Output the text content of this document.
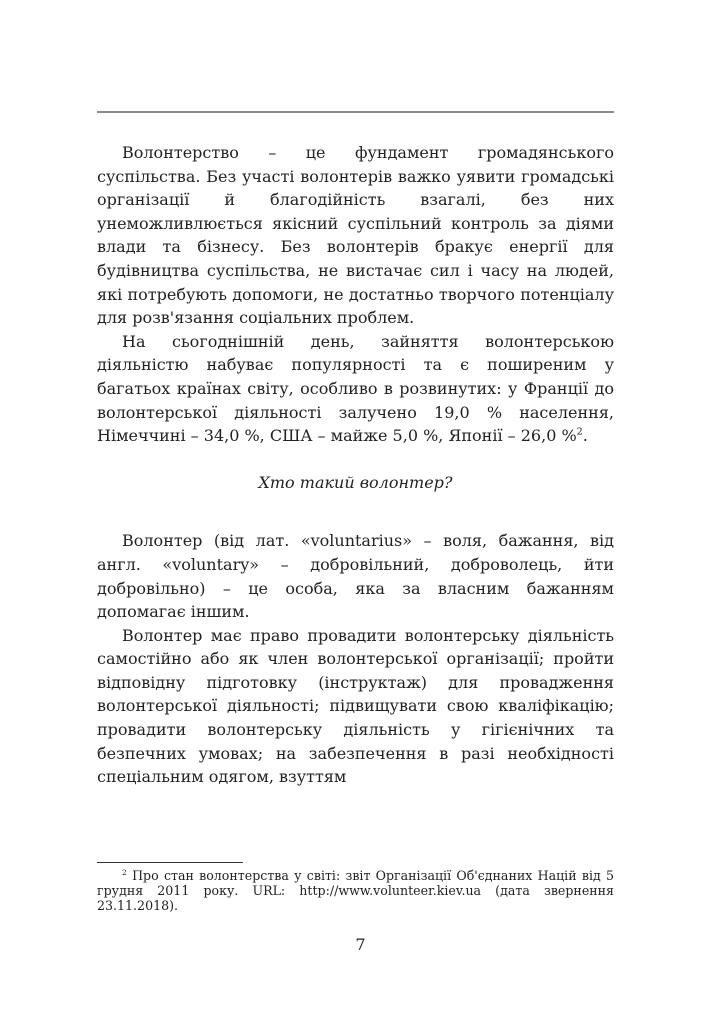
Волонтерство – це фундамент громадянського суспільства. Без участі волонтерів важко уявити громадські організації й благодійність взагалі, без них унеможливлюється якісний суспільний контроль за діями влади та бізнесу. Без волонтерів бракує енергії для будівництва суспільства, не вистачає сил і часу на людей, які потребують допомоги, не достатньо творчого потенціалу для розв'язання соціальних проблем.

На сьогоднішній день, зайняття волонтерською діяльністю набуває популярності та є поширеним у багатьох країнах світу, особливо в розвинутих: у Франції до волонтерської діяльності залучено 19,0 % населення, Німеччині – 34,0 %, США – майже 5,0 %, Японії – 26,0 %$^2$.

Хто такий волонтер?

Волонтер (від лат. «voluntarius» – воля, бажання, від англ. «voluntary» – добровільний, доброволець, йти добровільно) – це особа, яка за власним бажанням допомагає іншим.

Волонтер має право провадити волонтерську діяльність самостійно або як член волонтерської організації; пройти відповідну підготовку (інструктаж) для провадження волонтерської діяльності; підвищувати свою кваліфікацію; провадити волонтерську діяльність у гігієнічних та безпечних умовах; на забезпечення в разі необхідності спеціальним одягом, взуттям

$^2$ Про стан волонтерства у світі: звіт Організації Об'єднаних Націй від 5 грудня 2011 року. URL: http://www.volunteer.kiev.ua (дата звернення 23.11.2018).
7
